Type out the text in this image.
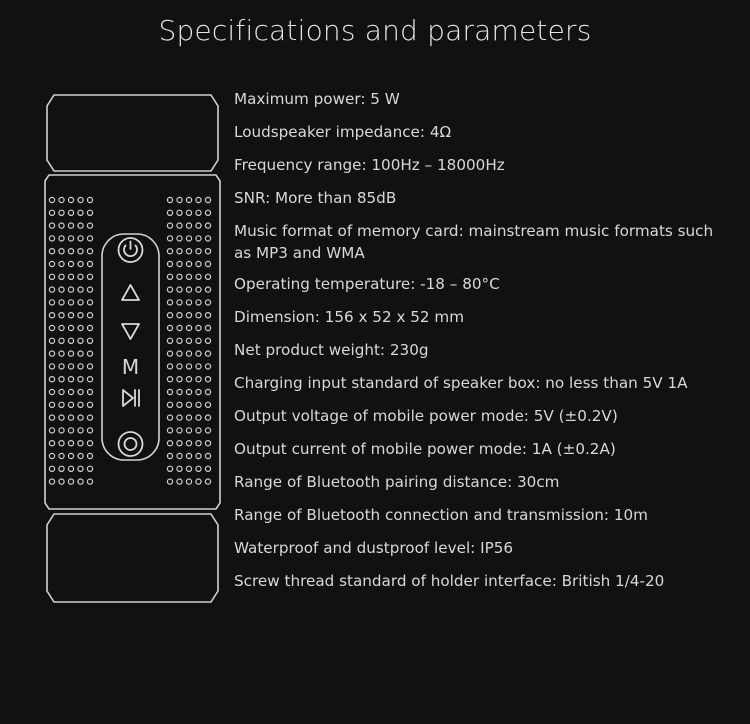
Specifications and parameters
M
Maximum power: 5 W
Loudspeaker impedance: 4Ω
Frequency range: 100Hz – 18000Hz
SNR: More than 85dB
Music format of memory card: mainstream music formats such as MP3 and WMA
Operating temperature: -18 – 80°C
Dimension: 156 x 52 x 52 mm
Net product weight: 230g
Charging input standard of speaker box: no less than 5V 1A
Output voltage of mobile power mode: 5V (±0.2V)
Output current of mobile power mode: 1A (±0.2A)
Range of Bluetooth pairing distance: 30cm
Range of Bluetooth connection and transmission: 10m
Waterproof and dustproof level: IP56
Screw thread standard of holder interface: British 1/4-20
